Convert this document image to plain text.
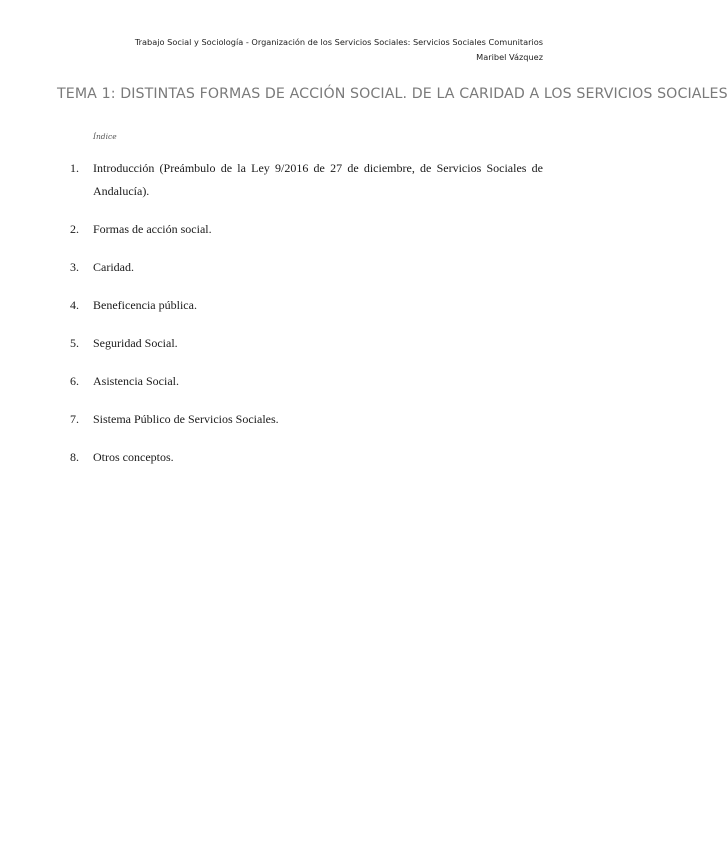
Trabajo Social y Sociología - Organización de los Servicios Sociales: Servicios Sociales Comunitarios
Maribel Vázquez
TEMA 1: DISTINTAS FORMAS DE ACCIÓN SOCIAL. DE LA CARIDAD A LOS SERVICIOS SOCIALES
Índice
1.	Introducción (Preámbulo de la Ley 9/2016 de 27 de diciembre, de Servicios Sociales de Andalucía).
2.	Formas de acción social.
3.	Caridad.
4.	Beneficencia pública.
5.	Seguridad Social.
6.	Asistencia Social.
7.	Sistema Público de Servicios Sociales.
8.	Otros conceptos.
